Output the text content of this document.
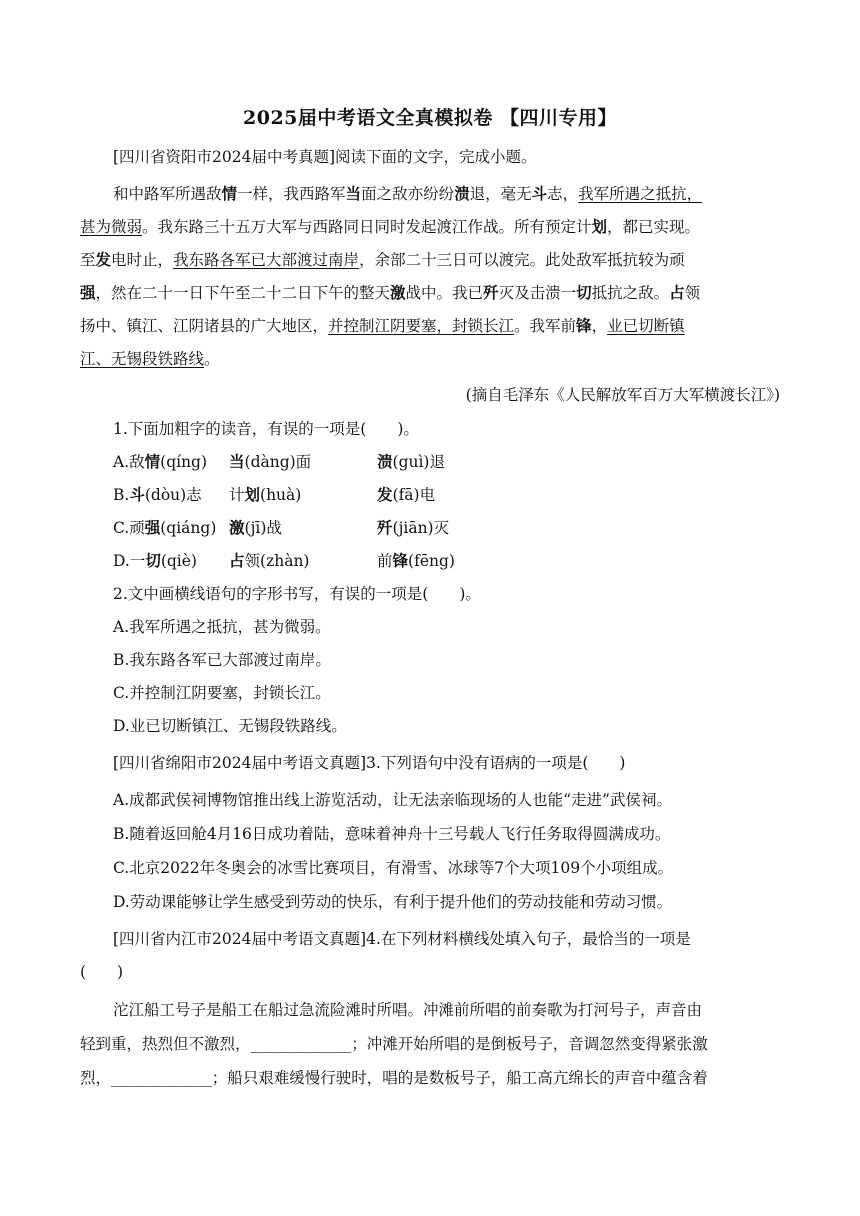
2025届中考语文全真模拟卷 【四川专用】
[四川省资阳市2024届中考真题]阅读下面的文字，完成小题。
和中路军所遇敌情一样，我西路军当面之敌亦纷纷溃退，毫无斗志，我军所遇之抵抗，
甚为微弱。我东路三十五万大军与西路同日同时发起渡江作战。所有预定计划，都已实现。
至发电时止，我东路各军已大部渡过南岸，余部二十三日可以渡完。此处敌军抵抗较为顽
强，然在二十一日下午至二十二日下午的整天激战中。我已歼灭及击溃一切抵抗之敌。占领
扬中、镇江、江阴诸县的广大地区，并控制江阴要塞，封锁长江。我军前锋，业已切断镇
江、无锡段铁路线。
(摘自毛泽东《人民解放军百万大军横渡长江》)
1.下面加粗字的读音，有误的一项是(　　)。
A.敌情(qíng) 当(dàng)面	溃(guì)退
B.斗(dòu)志 计划(huà)	发(fā)电
C.顽强(qiáng) 激(jī)战	歼(jiān)灭
D.一切(qiè) 占领(zhàn)	前锋(fēng)
2.文中画横线语句的字形书写，有误的一项是(　　)。
A.我军所遇之抵抗，甚为微弱。
B.我东路各军已大部渡过南岸。
C.并控制江阴要塞，封锁长江。
D.业已切断镇江、无锡段铁路线。
[四川省绵阳市2024届中考语文真题]3.下列语句中没有语病的一项是(　　)
A.成都武侯祠博物馆推出线上游览活动，让无法亲临现场的人也能“走进”武侯祠。
B.随着返回舱4月16日成功着陆，意味着神舟十三号载人飞行任务取得圆满成功。
C.北京2022年冬奥会的冰雪比赛项目，有滑雪、冰球等7个大项109个小项组成。
D.劳动课能够让学生感受到劳动的快乐，有利于提升他们的劳动技能和劳动习惯。
[四川省内江市2024届中考语文真题]4.在下列材料横线处填入句子，最恰当的一项是
(　　)
沱江船工号子是船工在船过急流险滩时所唱。冲滩前所唱的前奏歌为打河号子，声音由
轻到重，热烈但不激烈，_____________；冲滩开始所唱的是倒板号子，音调忽然变得紧张激
烈，_____________；船只艰难缓慢行驶时，唱的是数板号子，船工高亢绵长的声音中蕴含着
